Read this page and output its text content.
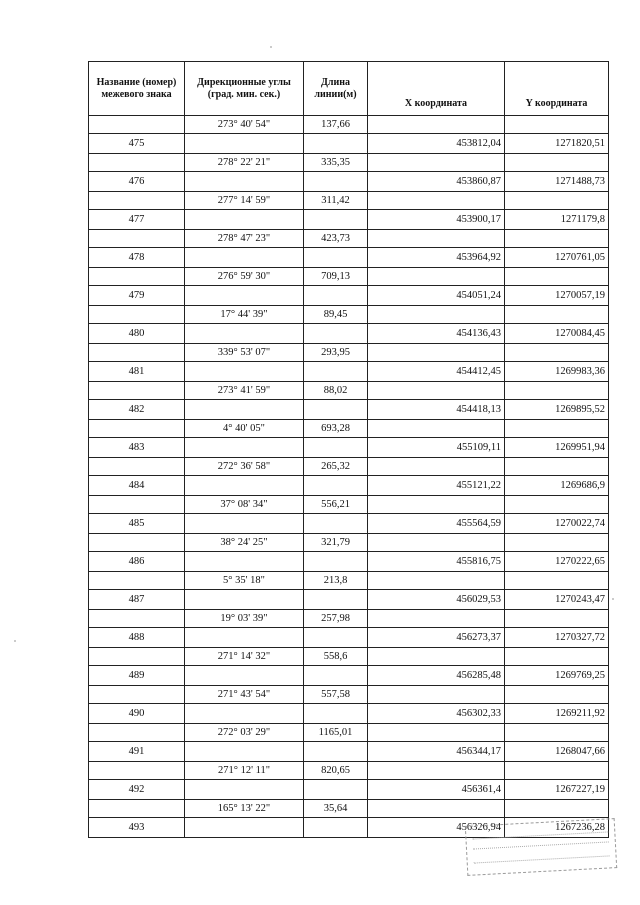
Название (номер) межевого знака	Дирекционные углы (град. мин. сек.)	Длина линии(м)	X координата	Y координата
	273° 40' 54"	137,66		
475			453812,04	1271820,51
	278° 22' 21"	335,35		
476			453860,87	1271488,73
	277° 14' 59"	311,42		
477			453900,17	1271179,8
	278° 47' 23"	423,73		
478			453964,92	1270761,05
	276° 59' 30"	709,13		
479			454051,24	1270057,19
	17° 44' 39"	89,45		
480			454136,43	1270084,45
	339° 53' 07"	293,95		
481			454412,45	1269983,36
	273° 41' 59"	88,02		
482			454418,13	1269895,52
	4° 40' 05"	693,28		
483			455109,11	1269951,94
	272° 36' 58"	265,32		
484			455121,22	1269686,9
	37° 08' 34"	556,21		
485			455564,59	1270022,74
	38° 24' 25"	321,79		
486			455816,75	1270222,65
	5° 35' 18"	213,8		
487			456029,53	1270243,47
	19° 03' 39"	257,98		
488			456273,37	1270327,72
	271° 14' 32"	558,6		
489			456285,48	1269769,25
	271° 43' 54"	557,58		
490			456302,33	1269211,92
	272° 03' 29"	1165,01		
491			456344,17	1268047,66
	271° 12' 11"	820,65		
492			456361,4	1267227,19
	165° 13' 22"	35,64		
493			456326,94	1267236,28
